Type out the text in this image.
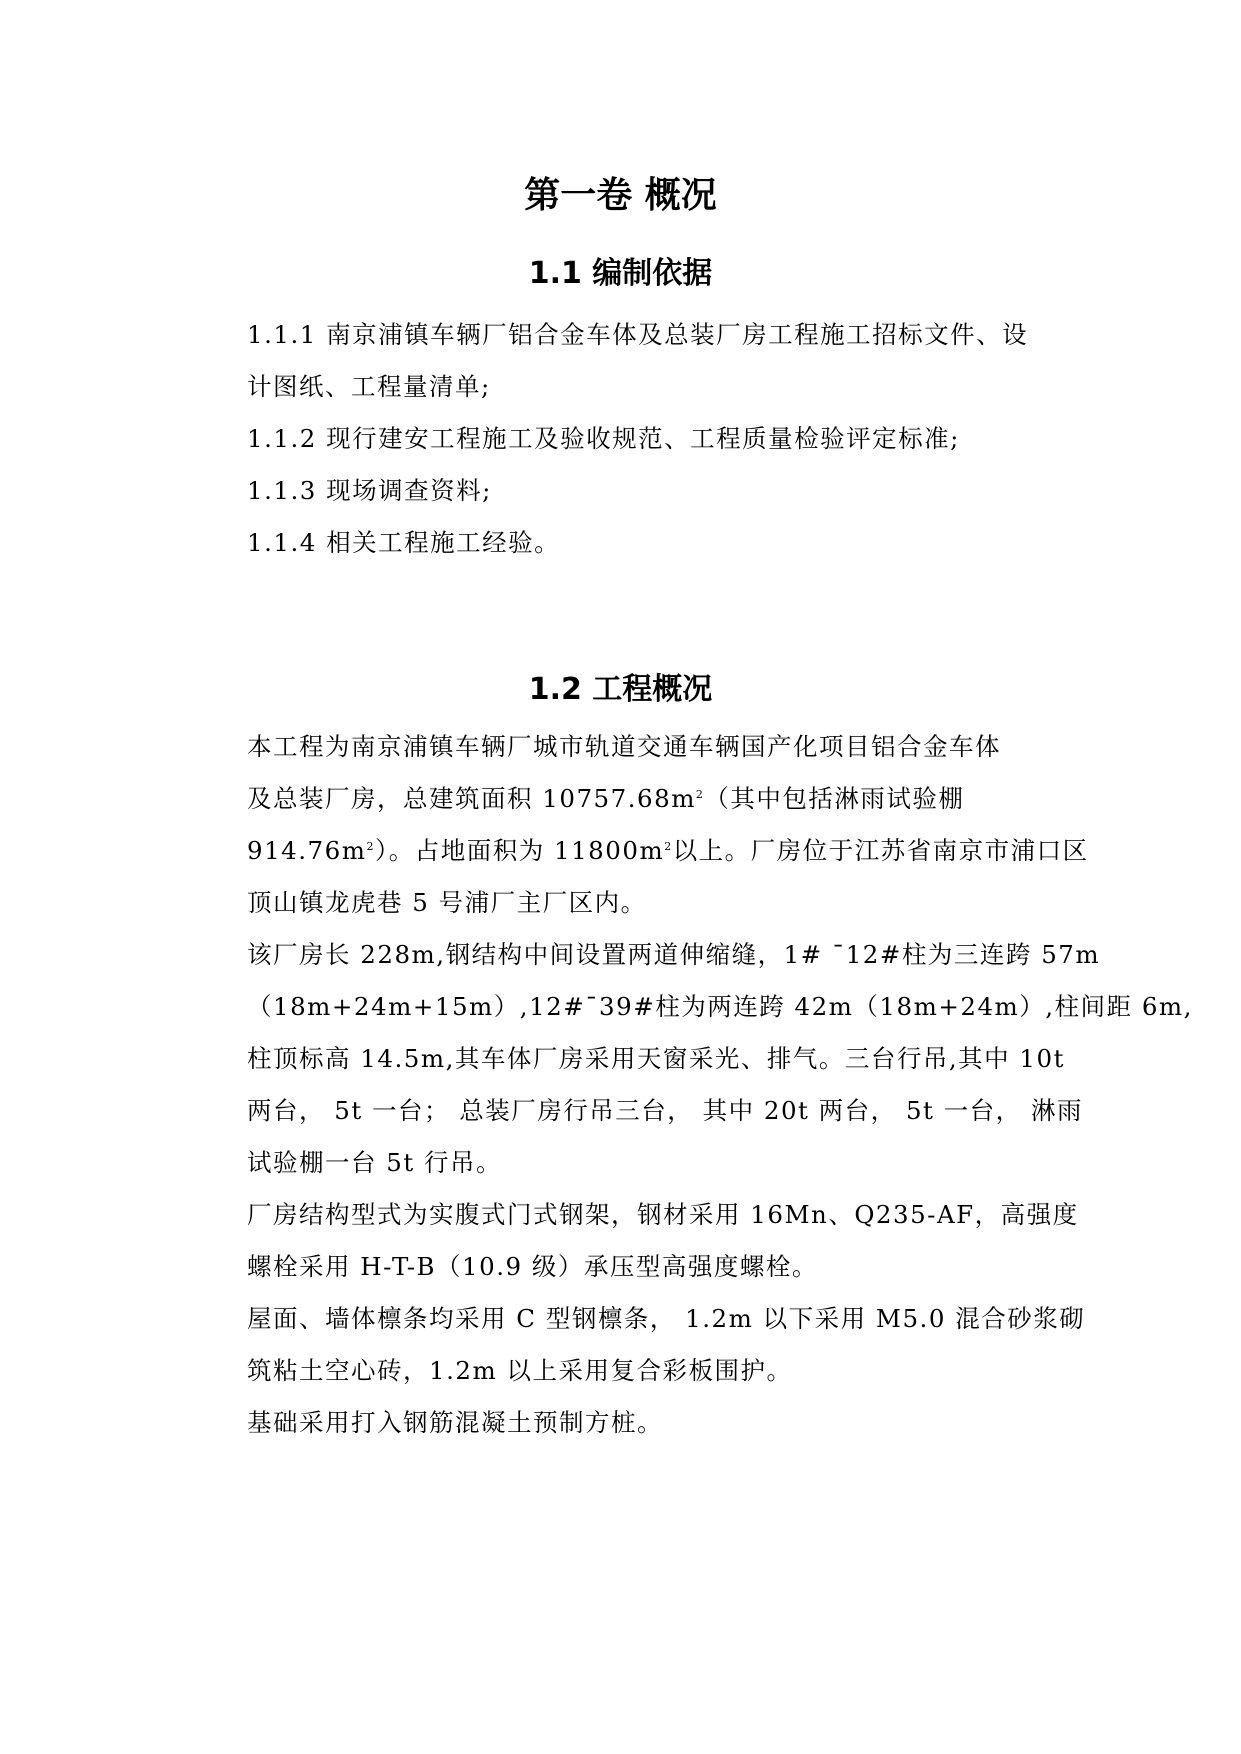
第一卷 概况
1.1 编制依据
1.1.1 南京浦镇车辆厂铝合金车体及总装厂房工程施工招标文件、设
计图纸、工程量清单;
1.1.2 现行建安工程施工及验收规范、工程质量检验评定标准;
1.1.3 现场调查资料;
1.1.4 相关工程施工经验。
1.2 工程概况
本工程为南京浦镇车辆厂城市轨道交通车辆国产化项目铝合金车体
及总装厂房，总建筑面积 $10757.68m^2$（其中包括淋雨试验棚
$914.76m^2$）。占地面积为 $11800m^2$以上。厂房位于江苏省南京市浦口区
顶山镇龙虎巷 5 号浦厂主厂区内。
该厂房长 228m,钢结构中间设置两道伸缩缝，1# ¯12#柱为三连跨 57m
（18m+24m+15m）,12#¯39#柱为两连跨 42m（18m+24m）,柱间距 6m,
柱顶标高 14.5m,其车体厂房采用天窗采光、排气。三台行吊,其中 10t
两台， 5t 一台； 总装厂房行吊三台， 其中 20t 两台， 5t 一台， 淋雨
试验棚一台 5t 行吊。
厂房结构型式为实腹式门式钢架，钢材采用 16Mn、Q235-AF，高强度
螺栓采用 H-T-B（10.9 级）承压型高强度螺栓。
屋面、墙体檩条均采用 C 型钢檩条， 1.2m 以下采用 M5.0 混合砂浆砌
筑粘土空心砖，1.2m 以上采用复合彩板围护。
基础采用打入钢筋混凝土预制方桩。
